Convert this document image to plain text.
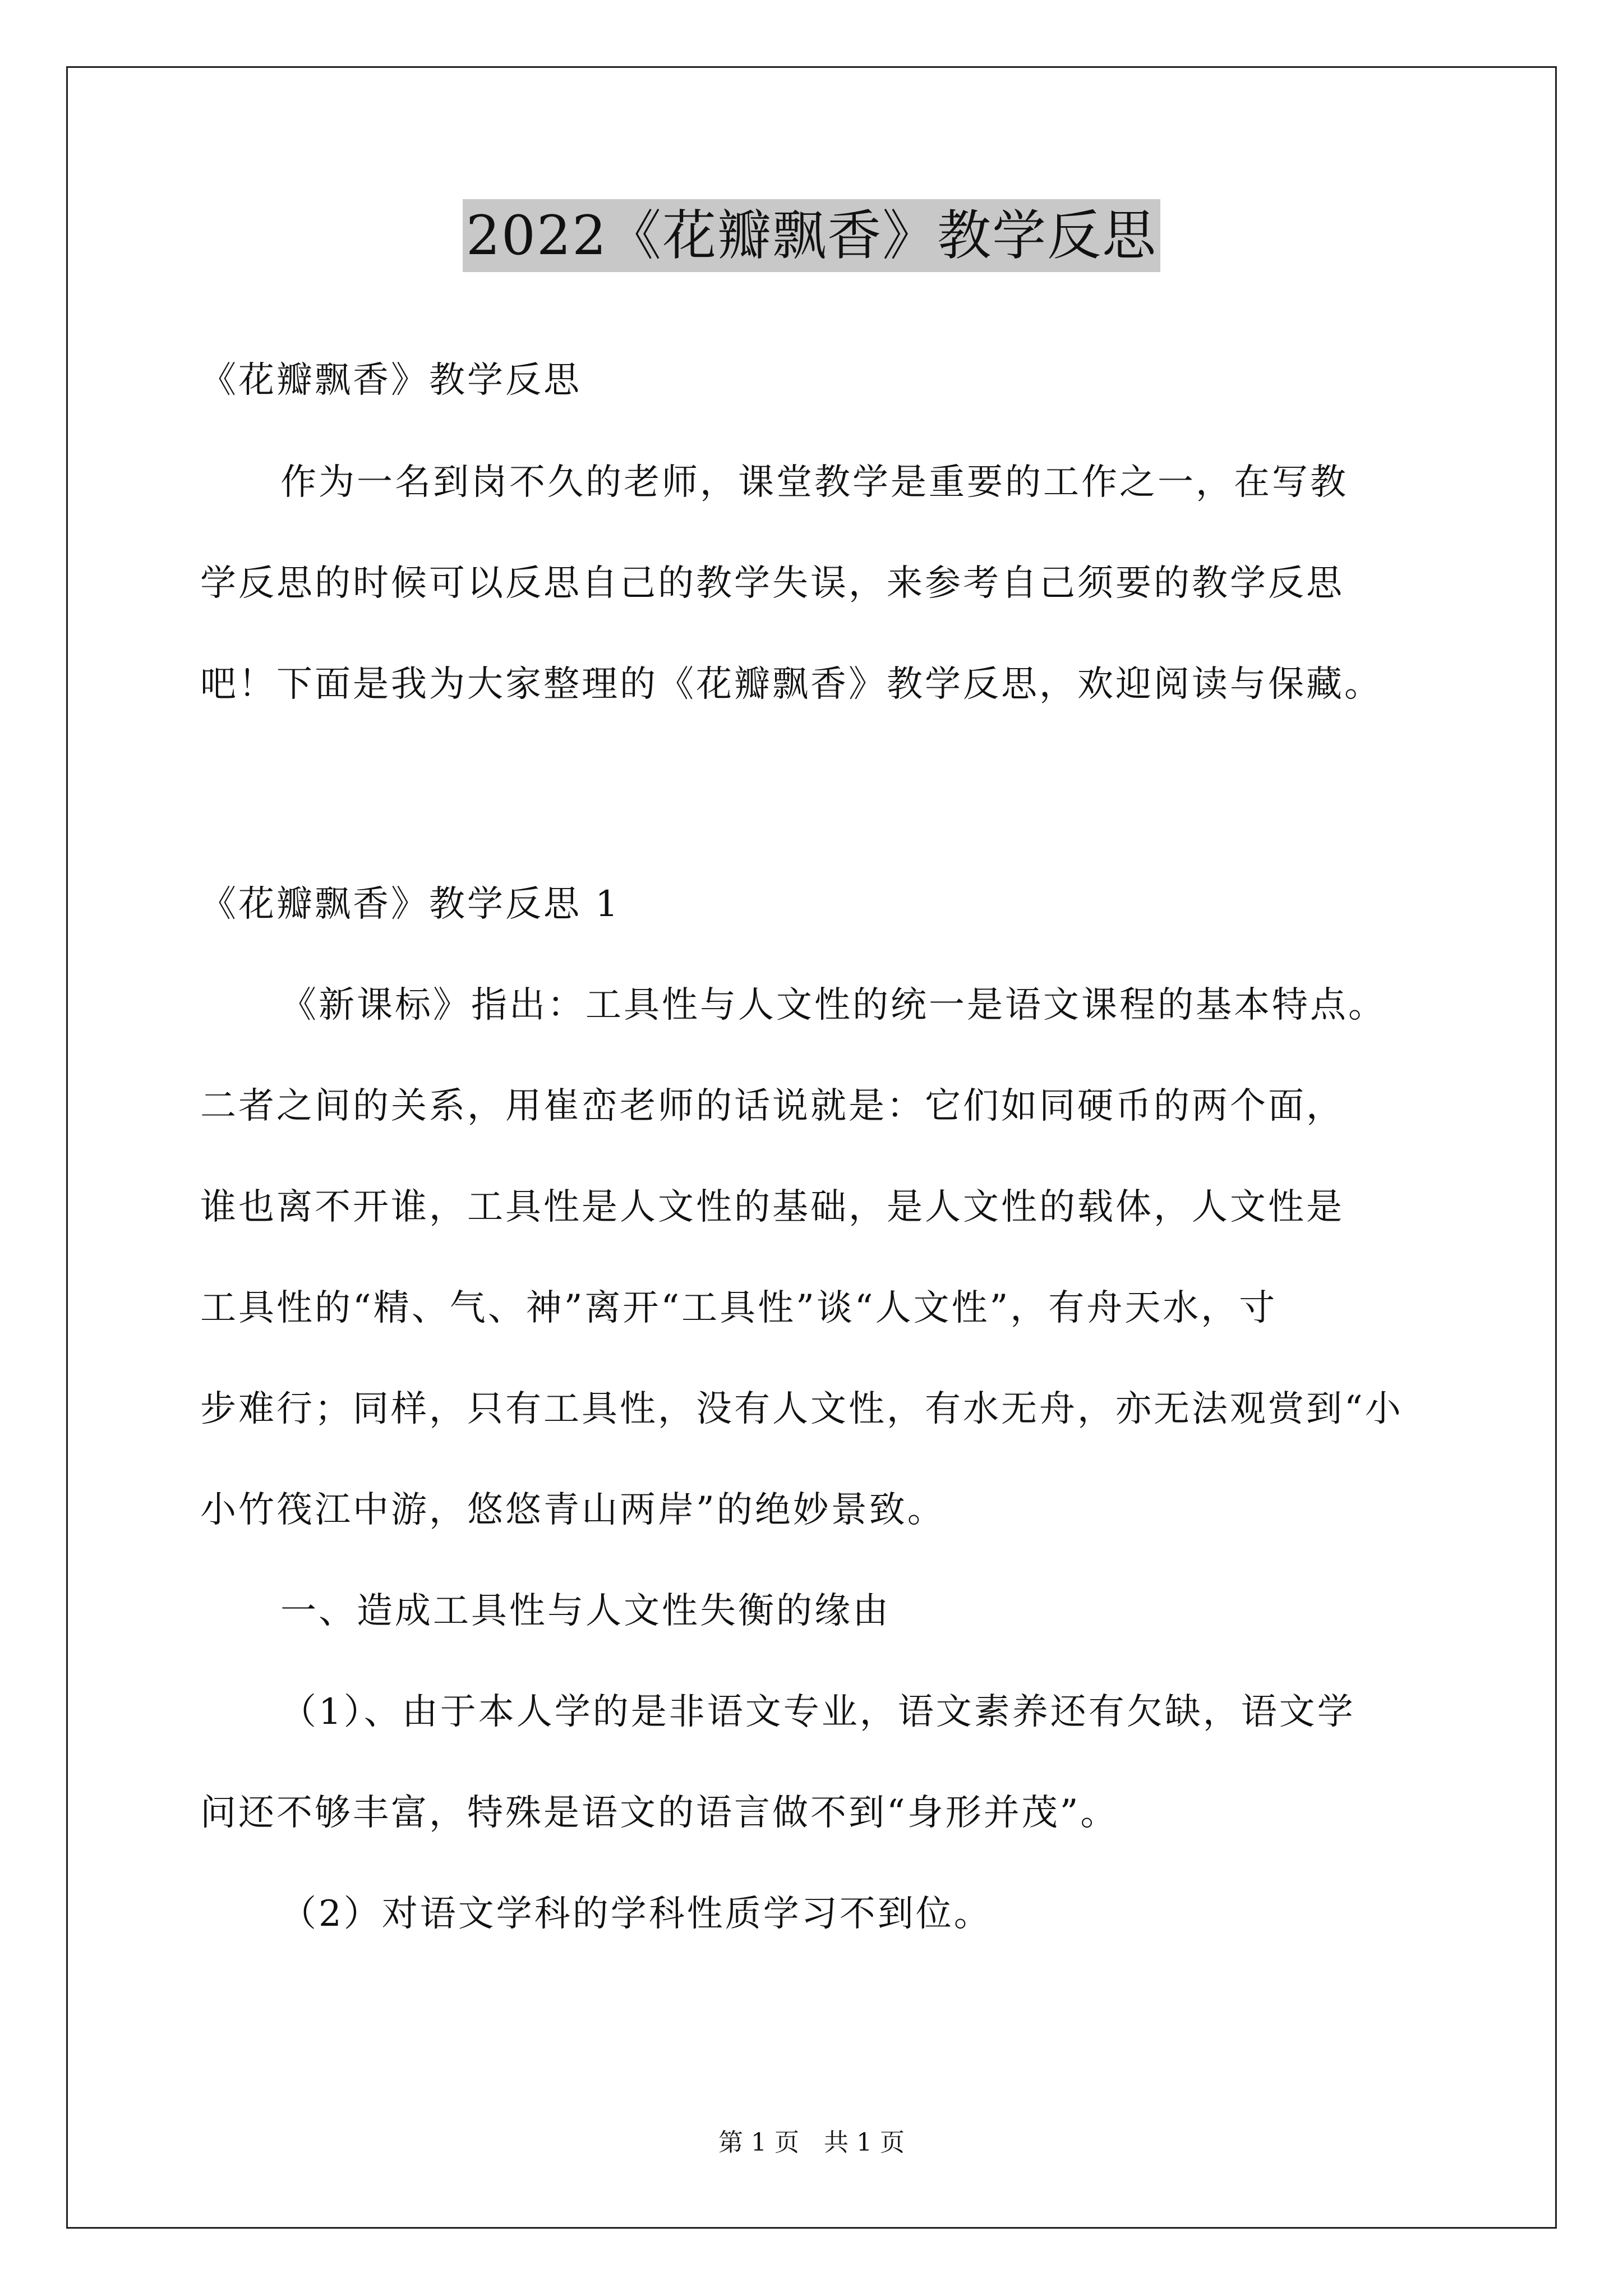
2022《花瓣飘香》教学反思
《花瓣飘香》教学反思
作为一名到岗不久的老师，课堂教学是重要的工作之一，在写教
学反思的时候可以反思自己的教学失误，来参考自己须要的教学反思
吧！下面是我为大家整理的《花瓣飘香》教学反思，欢迎阅读与保藏。
《花瓣飘香》教学反思 1
《新课标》指出：工具性与人文性的统一是语文课程的基本特点。
二者之间的关系，用崔峦老师的话说就是：它们如同硬币的两个面，
谁也离不开谁，工具性是人文性的基础，是人文性的载体，人文性是
工具性的“精、气、神”离开“工具性”谈“人文性”，有舟天水，寸
步难行；同样，只有工具性，没有人文性，有水无舟，亦无法观赏到“小
小竹筏江中游，悠悠青山两岸”的绝妙景致。
一、造成工具性与人文性失衡的缘由
（1）、由于本人学的是非语文专业，语文素养还有欠缺，语文学
问还不够丰富，特殊是语文的语言做不到“身形并茂”。
（2）对语文学科的学科性质学习不到位。
第 1 页　共 1 页
